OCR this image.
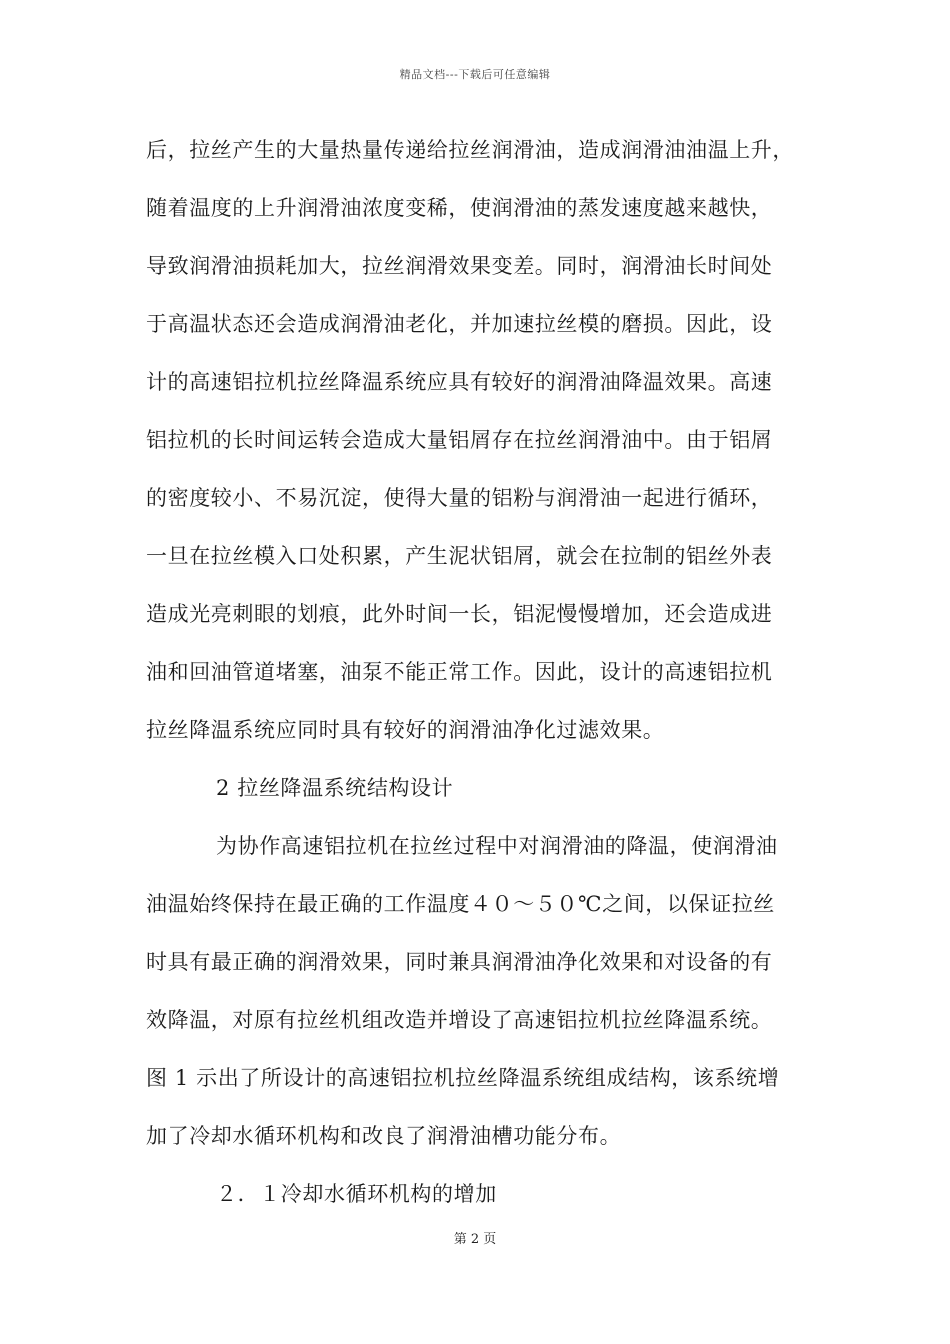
精品文档---下载后可任意编辑
后，拉丝产生的大量热量传递给拉丝润滑油，造成润滑油油温上升，
随着温度的上升润滑油浓度变稀，使润滑油的蒸发速度越来越快，
导致润滑油损耗加大，拉丝润滑效果变差。同时，润滑油长时间处
于高温状态还会造成润滑油老化，并加速拉丝模的磨损。因此，设
计的高速铝拉机拉丝降温系统应具有较好的润滑油降温效果。高速
铝拉机的长时间运转会造成大量铝屑存在拉丝润滑油中。由于铝屑
的密度较小、不易沉淀，使得大量的铝粉与润滑油一起进行循环，
一旦在拉丝模入口处积累，产生泥状铝屑，就会在拉制的铝丝外表
造成光亮刺眼的划痕，此外时间一长，铝泥慢慢增加，还会造成进
油和回油管道堵塞，油泵不能正常工作。因此，设计的高速铝拉机
拉丝降温系统应同时具有较好的润滑油净化过滤效果。
2 拉丝降温系统结构设计
为协作高速铝拉机在拉丝过程中对润滑油的降温，使润滑油
油温始终保持在最正确的工作温度４０～５０℃之间，以保证拉丝
时具有最正确的润滑效果，同时兼具润滑油净化效果和对设备的有
效降温，对原有拉丝机组改造并增设了高速铝拉机拉丝降温系统。
图 1 示出了所设计的高速铝拉机拉丝降温系统组成结构，该系统增
加了冷却水循环机构和改良了润滑油槽功能分布。
２．１冷却水循环机构的增加
第 2 页
